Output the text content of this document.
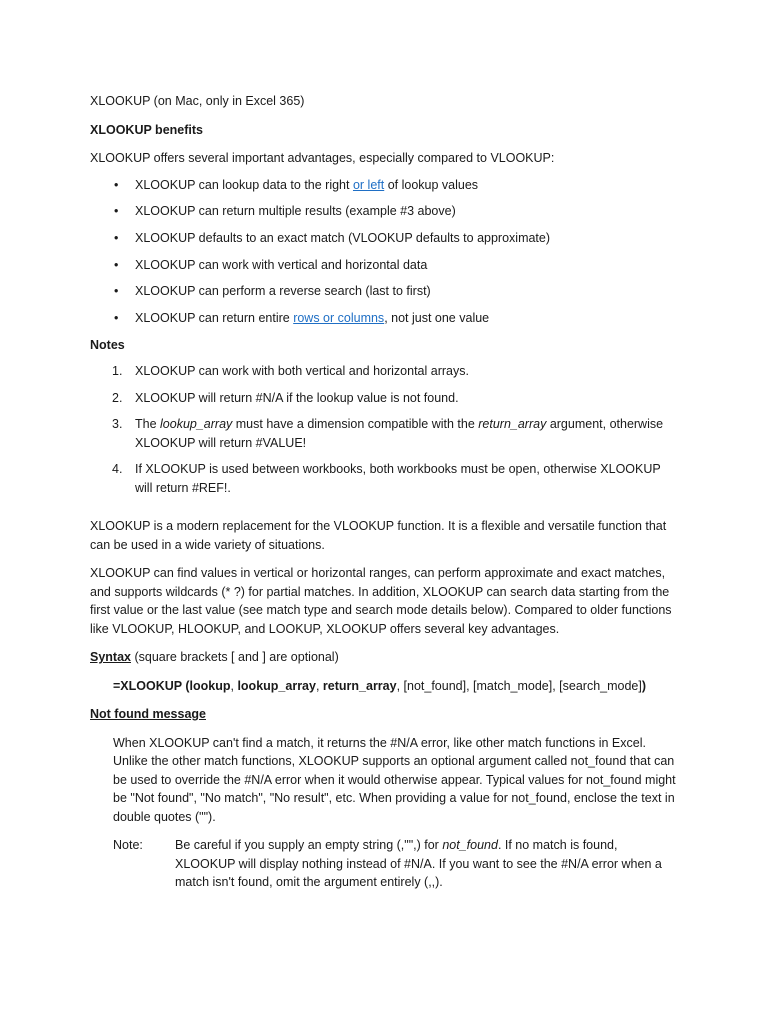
XLOOKUP (on Mac, only in Excel 365)

XLOOKUP benefits

XLOOKUP offers several important advantages, especially compared to VLOOKUP:

• XLOOKUP can lookup data to the right or left of lookup values
• XLOOKUP can return multiple results (example #3 above)
• XLOOKUP defaults to an exact match (VLOOKUP defaults to approximate)
• XLOOKUP can work with vertical and horizontal data
• XLOOKUP can perform a reverse search (last to first)
• XLOOKUP can return entire rows or columns, not just one value

Notes

1. XLOOKUP can work with both vertical and horizontal arrays.
2. XLOOKUP will return #N/A if the lookup value is not found.
3. The lookup_array must have a dimension compatible with the return_array argument, otherwise XLOOKUP will return #VALUE!
4. If XLOOKUP is used between workbooks, both workbooks must be open, otherwise XLOOKUP will return #REF!.

XLOOKUP is a modern replacement for the VLOOKUP function. It is a flexible and versatile function that can be used in a wide variety of situations.

XLOOKUP can find values in vertical or horizontal ranges, can perform approximate and exact matches, and supports wildcards (* ?) for partial matches. In addition, XLOOKUP can search data starting from the first value or the last value (see match type and search mode details below). Compared to older functions like VLOOKUP, HLOOKUP, and LOOKUP, XLOOKUP offers several key advantages.

Syntax (square brackets [ and ] are optional)

=XLOOKUP (lookup, lookup_array, return_array, [not_found], [match_mode], [search_mode])

Not found message

When XLOOKUP can't find a match, it returns the #N/A error, like other match functions in Excel. Unlike the other match functions, XLOOKUP supports an optional argument called not_found that can be used to override the #N/A error when it would otherwise appear. Typical values for not_found might be "Not found", "No match", "No result", etc. When providing a value for not_found, enclose the text in double quotes ("").

Note:	Be careful if you supply an empty string (,"",) for not_found. If no match is found, XLOOKUP will display nothing instead of #N/A. If you want to see the #N/A error when a match isn't found, omit the argument entirely (,,).
